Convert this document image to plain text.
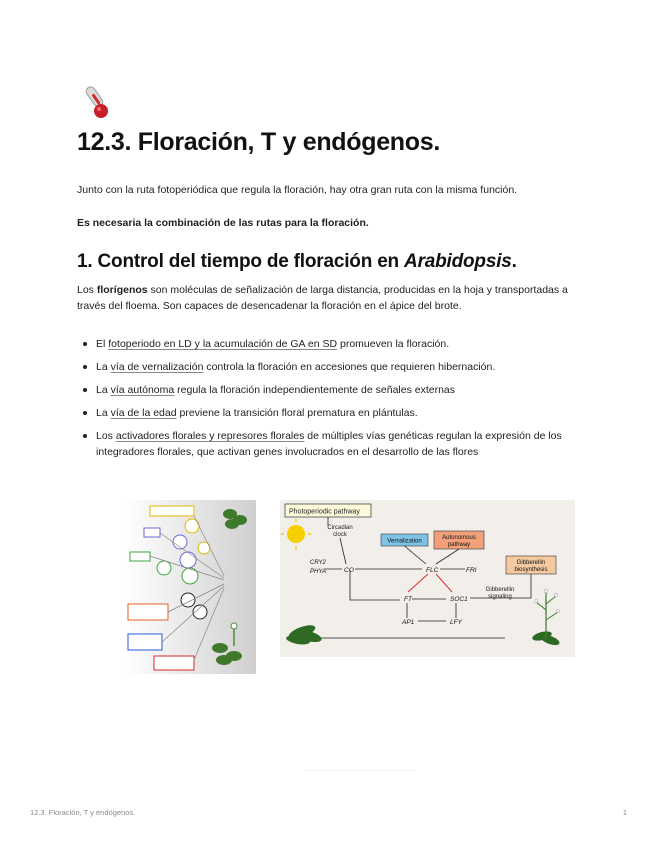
12.3. Floración, T y endógenos.

Junto con la ruta fotoperiódica que regula la floración, hay otra gran ruta con la misma función.

Es necesaria la combinación de las rutas para la floración.

1. Control del tiempo de floración en Arabidopsis.

Los florígenos son moléculas de señalización de larga distancia, producidas en la hoja y transportadas a través del floema. Son capaces de desencadenar la floración en el ápice del brote.

El fotoperiodo en LD y la acumulación de GA en SD promueven la floración.
La vía de vernalización controla la floración en accesiones que requieren hibernación.
La vía autónoma regula la floración independientemente de señales externas
La vía de la edad previene la transición floral prematura en plántulas.
Los activadores florales y represores florales de múltiples vías genéticas regulan la expresión de los integradores florales, que activan genes involucrados en el desarrollo de las flores
Photoperiodic pathway
Circadian
clock
Vernalization
Autonomous
pathway
Gibberellin
biosynthesis
Gibberellin
signaling
CRY2
PHYA	CO	FLC	FRI
FT	SOC1
AP1	LFY
12.3. Floración, T y endógenos.	1
